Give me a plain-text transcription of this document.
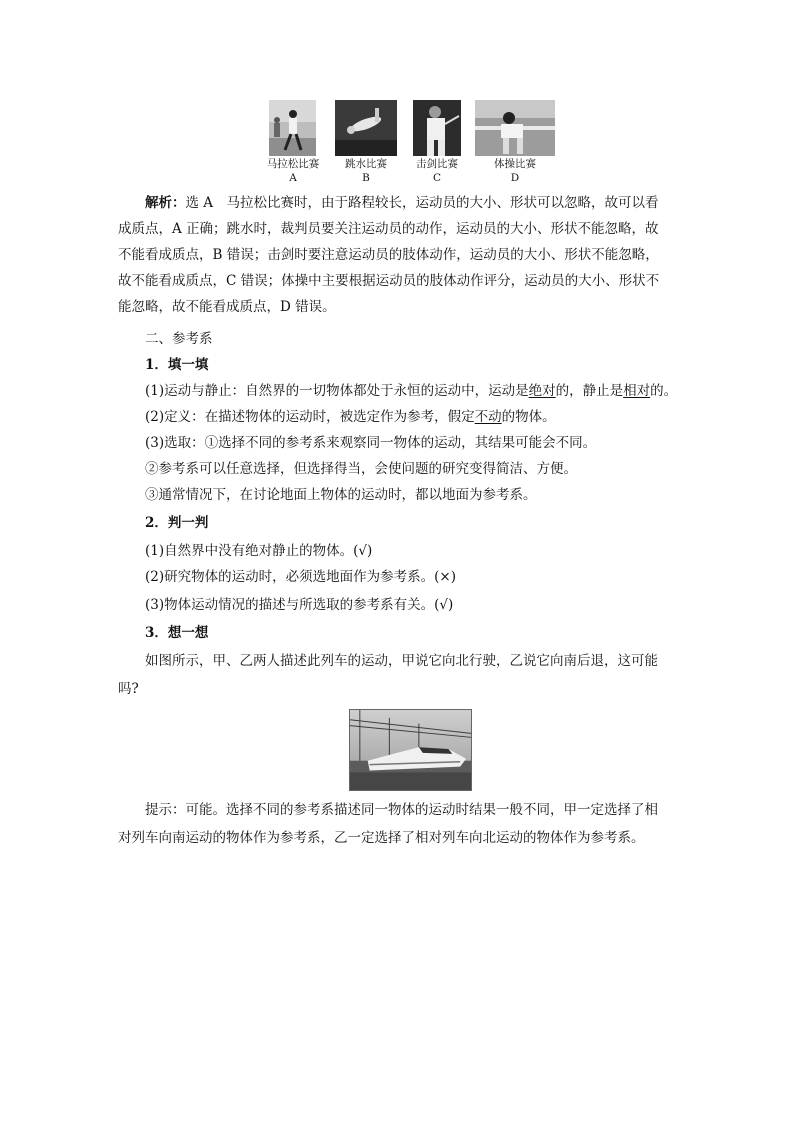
马拉松比赛
A
跳水比赛
B
击剑比赛
C
体操比赛
D
解析：选 A　马拉松比赛时，由于路程较长，运动员的大小、形状可以忽略，故可以看
成质点，A 正确；跳水时，裁判员要关注运动员的动作，运动员的大小、形状不能忽略，故
不能看成质点，B 错误；击剑时要注意运动员的肢体动作，运动员的大小、形状不能忽略，
故不能看成质点，C 错误；体操中主要根据运动员的肢体动作评分，运动员的大小、形状不
能忽略，故不能看成质点，D 错误。
二、参考系
1．填一填
(1)运动与静止：自然界的一切物体都处于永恒的运动中，运动是绝对的，静止是相对的。
(2)定义：在描述物体的运动时，被选定作为参考，假定不动的物体。
(3)选取：①选择不同的参考系来观察同一物体的运动，其结果可能会不同。
②参考系可以任意选择，但选择得当，会使问题的研究变得简洁、方便。
③通常情况下，在讨论地面上物体的运动时，都以地面为参考系。
2．判一判
(1)自然界中没有绝对静止的物体。(√)
(2)研究物体的运动时，必须选地面作为参考系。(×)
(3)物体运动情况的描述与所选取的参考系有关。(√)
3．想一想
如图所示，甲、乙两人描述此列车的运动，甲说它向北行驶，乙说它向南后退，这可能
吗?
提示：可能。选择不同的参考系描述同一物体的运动时结果一般不同，甲一定选择了相
对列车向南运动的物体作为参考系，乙一定选择了相对列车向北运动的物体作为参考系。
